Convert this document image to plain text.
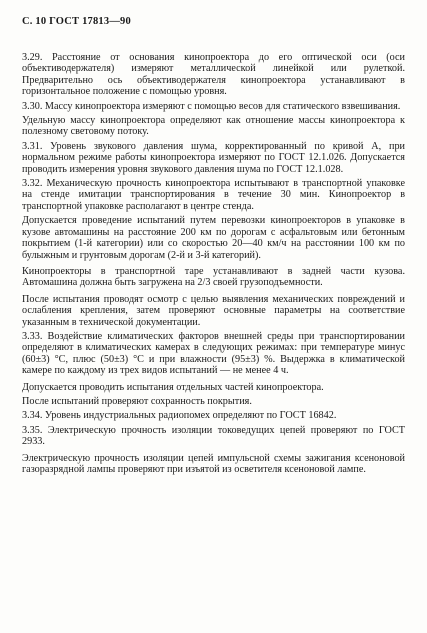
С. 10 ГОСТ 17813—90

3.29. Расстояние от основания кинопроектора до его оптической оси (оси объективодержателя) измеряют металлической линейкой или рулеткой. Предварительно ось объективодержателя кинопроектора устанавливают в горизонтальное положение с помощью уровня.

3.30. Массу кинопроектора измеряют с помощью весов для статического взвешивания.

Удельную массу кинопроектора определяют как отношение массы кинопроектора к полезному световому потоку.

3.31. Уровень звукового давления шума, корректированный по кривой A, при нормальном режиме работы кинопроектора измеряют по ГОСТ 12.1.026. Допускается проводить измерения уровня звукового давления шума по ГОСТ 12.1.028.

3.32. Механическую прочность кинопроектора испытывают в транспортной упаковке на стенде имитации транспортирования в течение 30 мин. Кинопроектор в транспортной упаковке располагают в центре стенда.

Допускается проведение испытаний путем перевозки кинопроекторов в упаковке в кузове автомашины на расстояние 200 км по дорогам с асфальтовым или бетонным покрытием (1-й категории) или со скоростью 20—40 км/ч на расстоянии 100 км по булыжным и грунтовым дорогам (2-й и 3-й категорий).

Кинопроекторы в транспортной таре устанавливают в задней части кузова. Автомашина должна быть загружена на 2/3 своей грузоподъемности.

После испытания проводят осмотр с целью выявления механических повреждений и ослабления крепления, затем проверяют основные параметры на соответствие указанным в технической документации.

3.33. Воздействие климатических факторов внешней среды при транспортировании определяют в климатических камерах в следующих режимах: при температуре минус (60±3) °С, плюс (50±3) °С и при влажности (95±3) %. Выдержка в климатической камере по каждому из трех видов испытаний — не менее 4 ч.

Допускается проводить испытания отдельных частей кинопроектора.

После испытаний проверяют сохранность покрытия.

3.34. Уровень индустриальных радиопомех определяют по ГОСТ 16842.

3.35. Электрическую прочность изоляции токоведущих цепей проверяют по ГОСТ 2933.

Электрическую прочность изоляции цепей импульсной схемы зажигания ксеноновой газоразрядной лампы проверяют при изъятой из осветителя ксеноновой лампе.
